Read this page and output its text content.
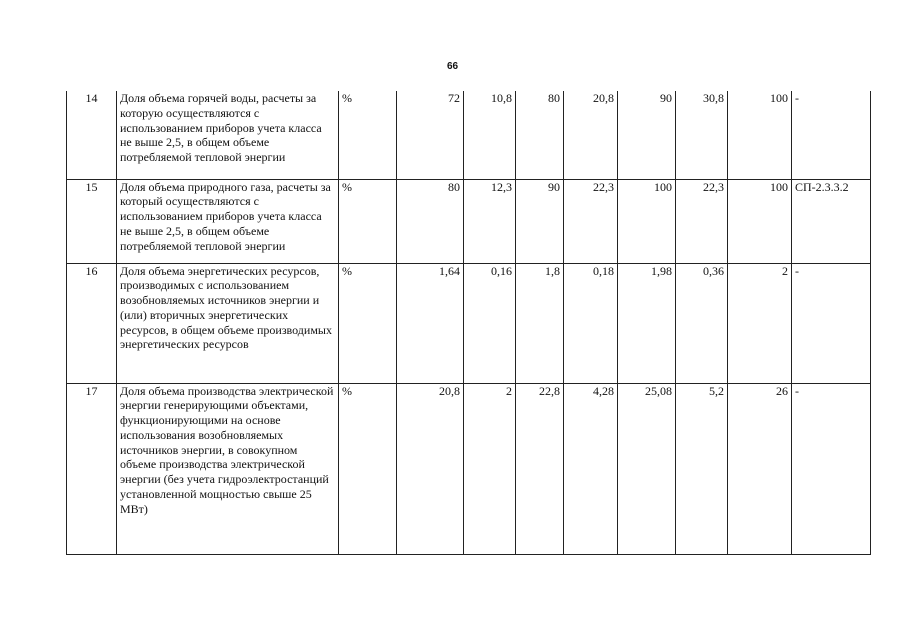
66
14	Доля объема горячей воды, расчеты за которую осуществляются с использованием приборов учета класса не выше 2,5, в общем объеме потребляемой тепловой энергии	%	72	10,8	80	20,8	90	30,8	100	-
15	Доля объема природного газа, расчеты за который осуществляются с использованием приборов учета класса не выше 2,5, в общем объеме потребляемой тепловой энергии	%	80	12,3	90	22,3	100	22,3	100	СП-2.3.3.2
16	Доля объема энергетических ресурсов, производимых с использованием возобновляемых источников энергии и (или) вторичных энергетических ресурсов, в общем объеме производимых энергетических ресурсов	%	1,64	0,16	1,8	0,18	1,98	0,36	2	-
17	Доля объема производства электрической энергии генерирующими объектами, функционирующими на основе использования возобновляемых источников энергии, в совокупном объеме производства электрической энергии (без учета гидроэлектростанций установленной мощностью свыше 25 МВт)	%	20,8	2	22,8	4,28	25,08	5,2	26	-
